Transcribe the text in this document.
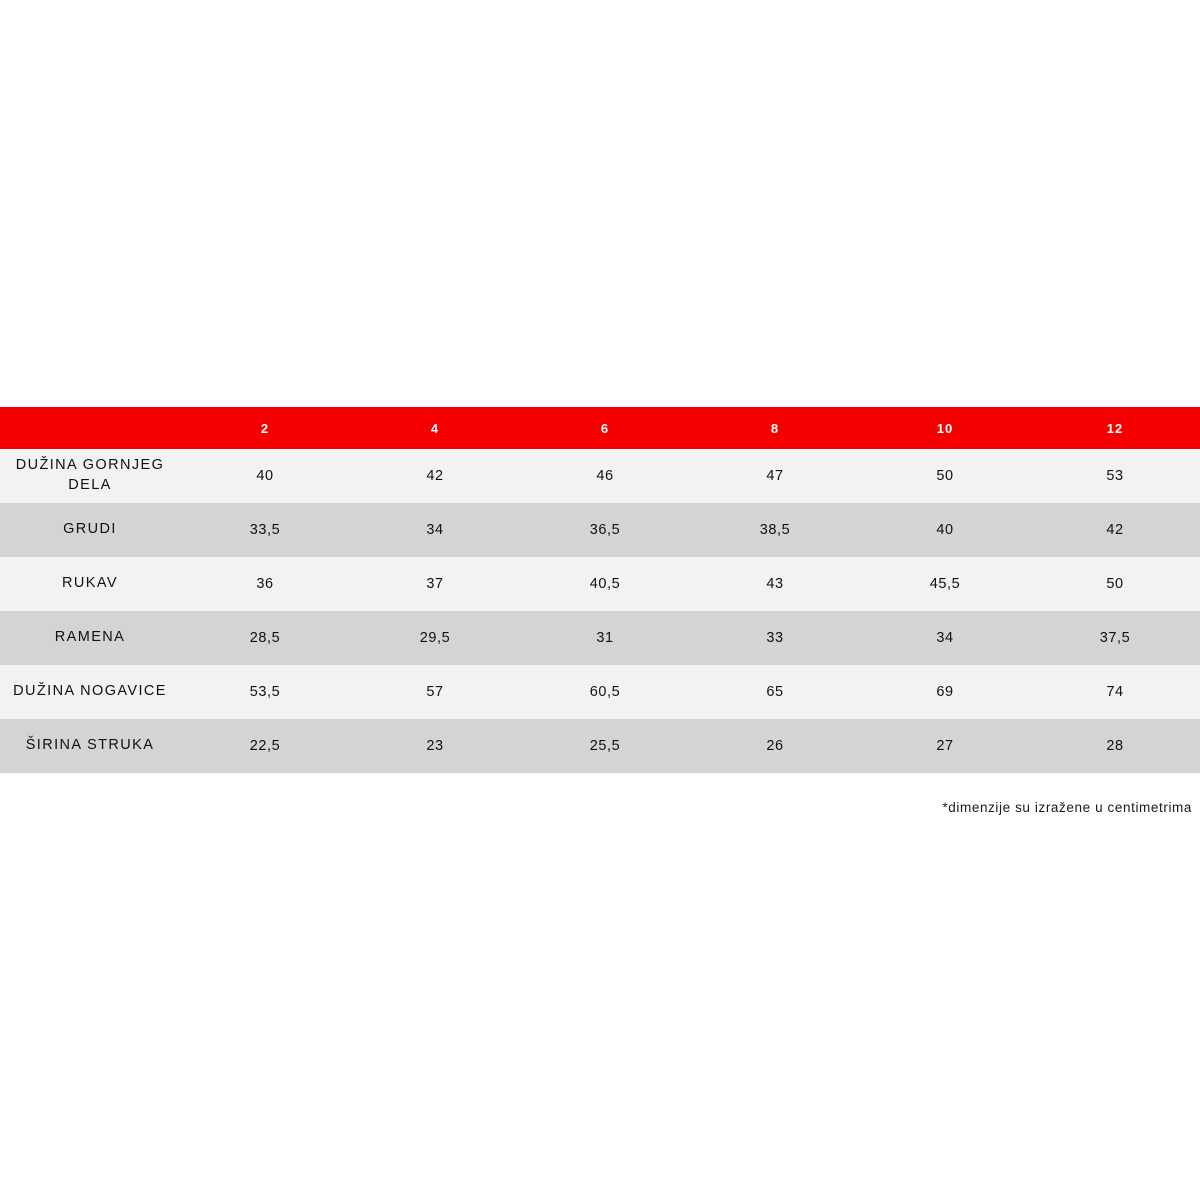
	2	4	6	8	10	12
DUŽINA GORNJEG DELA	40	42	46	47	50	53
GRUDI	33,5	34	36,5	38,5	40	42
RUKAV	36	37	40,5	43	45,5	50
RAMENA	28,5	29,5	31	33	34	37,5
DUŽINA NOGAVICE	53,5	57	60,5	65	69	74
ŠIRINA STRUKA	22,5	23	25,5	26	27	28
*dimenzije su izražene u centimetrima
